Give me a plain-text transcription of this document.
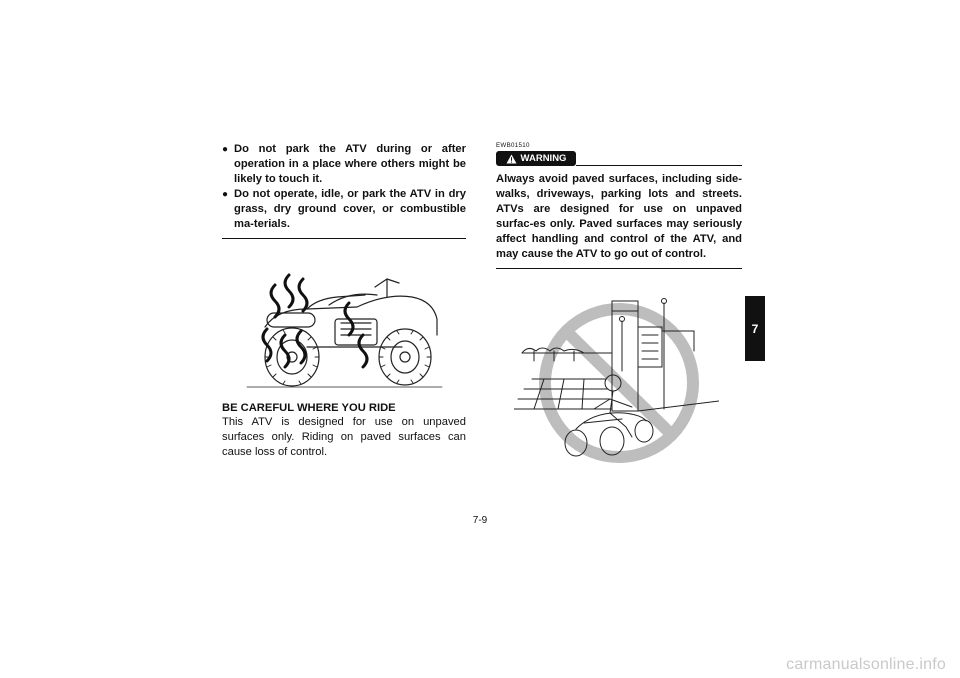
● Do not park the ATV during or after operation in a place where others might be likely to touch it.
● Do not operate, idle, or park the ATV in dry grass, dry ground cover, or combustible ma-terials.
BE CAREFUL WHERE YOU RIDE
This ATV is designed for use on unpaved surfaces only. Riding on paved surfaces can cause loss of control.
EWB01510
WARNING
Always avoid paved surfaces, including side-walks, driveways, parking lots and streets. ATVs are designed for use on unpaved surfac-es only. Paved surfaces may seriously affect handling and control of the ATV, and may cause the ATV to go out of control.
7
7-9
carmanualsonline.info
